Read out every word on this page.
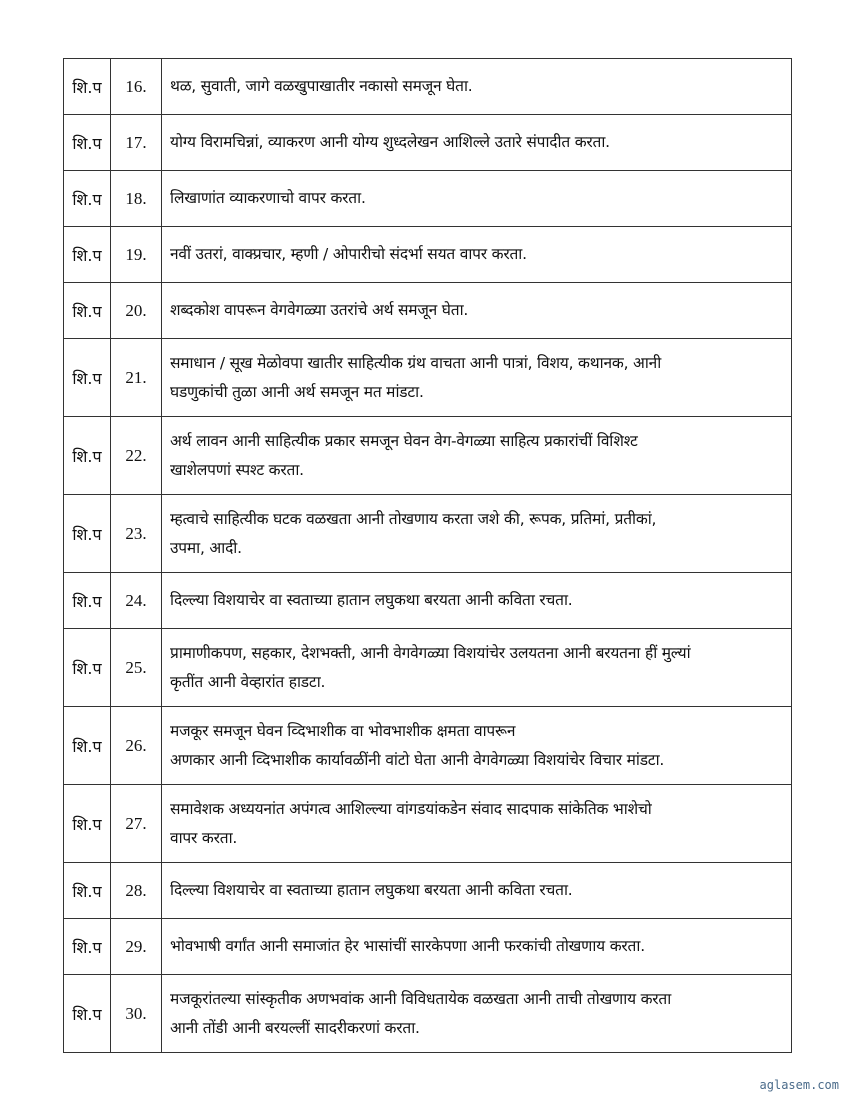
शि.प	16.	थळ, सुवाती, जागे वळखुपाखातीर नकासो समजून घेता.

शि.प	17.	योग्य विरामचिन्नां, व्याकरण आनी योग्य शुध्दलेखन आशिल्ले उतारे संपादीत करता.

शि.प	18.	लिखाणांत व्याकरणाचो वापर करता.

शि.प	19.	नवीं उतरां, वाक्प्रचार, म्हणी / ओपारीचो संदर्भा सयत वापर करता.

शि.प	20.	शब्दकोश वापरून वेगवेगळ्या उतरांचे अर्थ समजून घेता.

शि.प	21.	समाधान / सूख मेळोवपा खातीर साहित्यीक ग्रंथ वाचता आनी पात्रां, विशय, कथानक, आनी
घडणुकांची तुळा आनी अर्थ समजून मत मांडटा.

शि.प	22.	अर्थ लावन आनी साहित्यीक प्रकार समजून घेवन वेग-वेगळ्या साहित्य प्रकारांचीं विशिश्ट
खाशेलपणां स्पश्ट करता.

शि.प	23.	म्हत्वाचे साहित्यीक घटक वळखता आनी तोखणाय करता जशे की, रूपक, प्रतिमां, प्रतीकां,
उपमा, आदी.

शि.प	24.	दिल्ल्या विशयाचेर वा स्वताच्या हातान लघुकथा बरयता आनी कविता रचता.

शि.प	25.	प्रामाणीकपण, सहकार, देशभक्ती, आनी वेगवेगळ्या विशयांचेर उलयतना आनी बरयतना हीं मुल्यां
कृतींत आनी वेव्हारांत हाडटा.

शि.प	26.	मजकूर समजून घेवन व्दिभाशीक वा भोवभाशीक क्षमता वापरून
अणकार आनी व्दिभाशीक कार्यावळींनी वांटो घेता आनी वेगवेगळ्या विशयांचेर विचार मांडटा.

शि.प	27.	समावेशक अध्ययनांत अपंगत्व आशिल्ल्या वांगडयांकडेन संवाद सादपाक सांकेतिक भाशेचो
वापर करता.

शि.प	28.	दिल्ल्या विशयाचेर वा स्वताच्या हातान लघुकथा बरयता आनी कविता रचता.

शि.प	29.	भोवभाषी वर्गांत आनी समाजांत हेर भासांचीं सारकेपणा आनी फरकांची तोखणाय करता.

शि.प	30.	मजकूरांतल्या सांस्कृतीक अणभवांक आनी विविधतायेक वळखता आनी ताची तोखणाय करता
आनी तोंडी आनी बरयल्लीं सादरीकरणां करता.
aglasem.com
